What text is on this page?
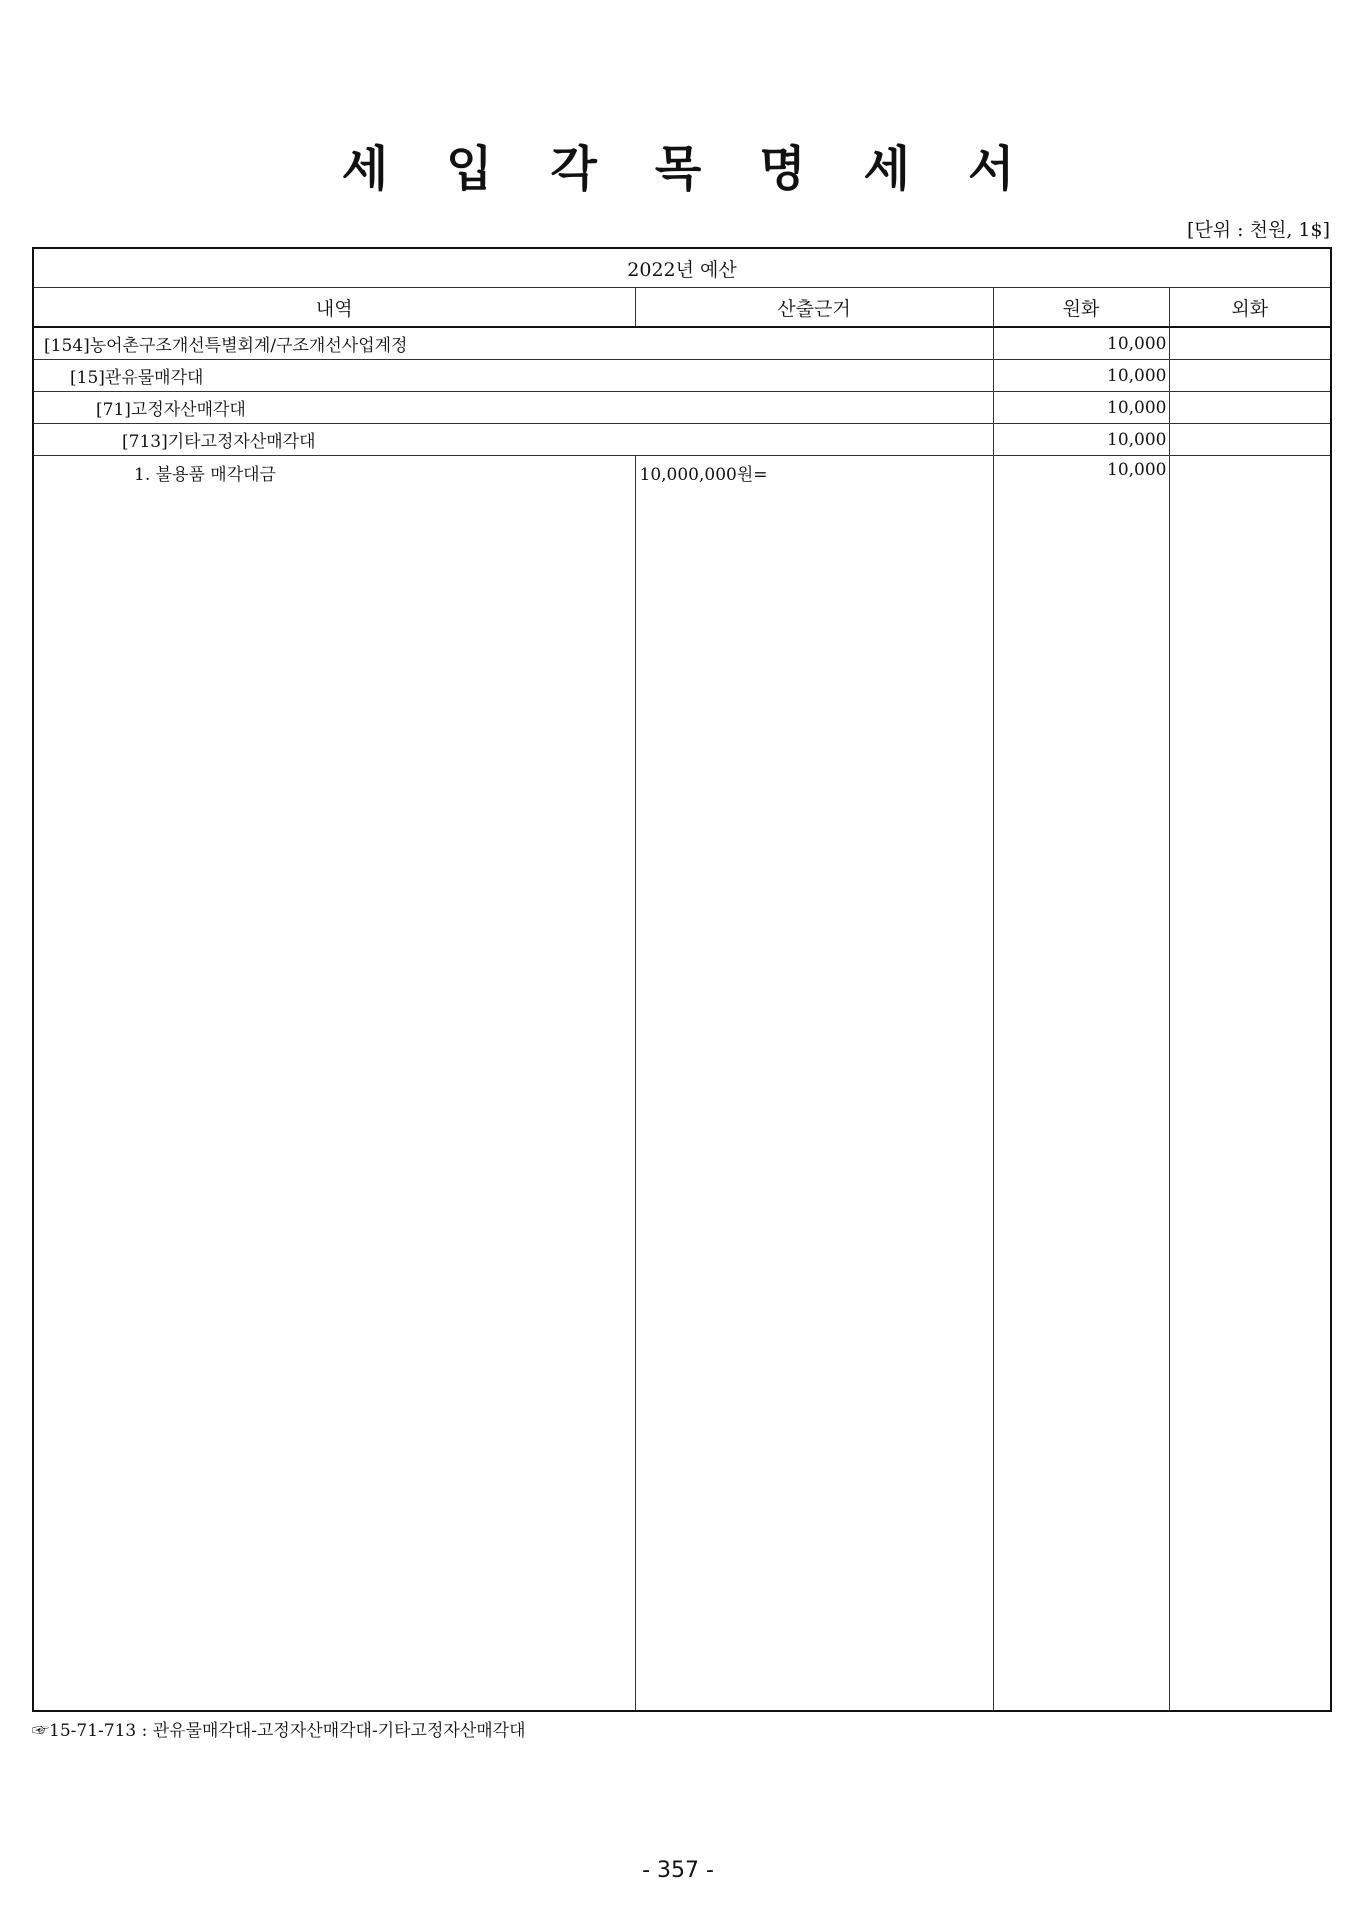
세 입 각 목 명 세 서
[단위 : 천원, 1$]
2022년 예산			
내역	산출근거	원화	외화
[154]농어촌구조개선특별회계/구조개선사업계정		10,000	
[15]관유물매각대		10,000	
[71]고정자산매각대		10,000	
[713]기타고정자산매각대		10,000	
1. 불용품 매각대금	10,000,000원=	10,000	
☞15-71-713 : 관유물매각대-고정자산매각대-기타고정자산매각대
- 357 -
